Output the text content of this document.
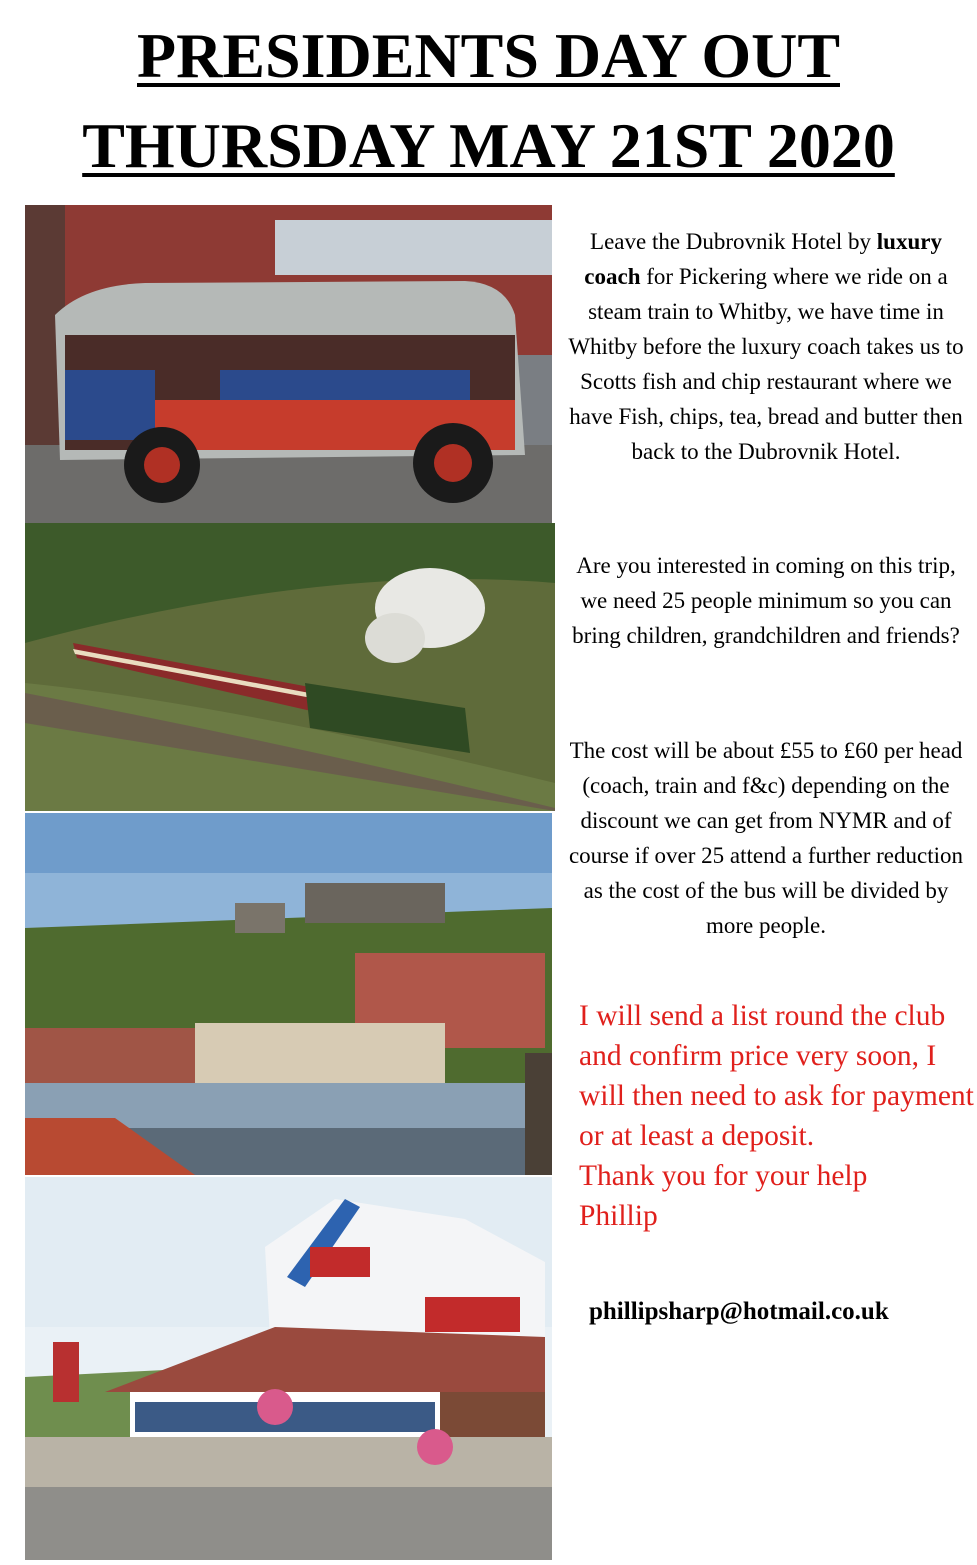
PRESIDENTS DAY OUT
THURSDAY MAY 21ST 2020

Leave the Dubrovnik Hotel by luxury coach for Pickering where we ride on a steam train to Whitby, we have time in Whitby before the luxury coach takes us to Scotts fish and chip restaurant where we have Fish, chips, tea, bread and butter then back to the Dubrovnik Hotel.

Are you interested in coming on this trip, we need 25 people minimum so you can bring children, grandchildren and friends?

The cost will be about £55 to £60 per head (coach, train and f&c) depending on the discount we can get from NYMR and of course if over 25 attend a further reduction as the cost of the bus will be divided by more people.

I will send a list round the club and confirm price very soon, I will then need to ask for payment or at least a deposit.
Thank you for your help
Phillip

phillipsharp@hotmail.co.uk
